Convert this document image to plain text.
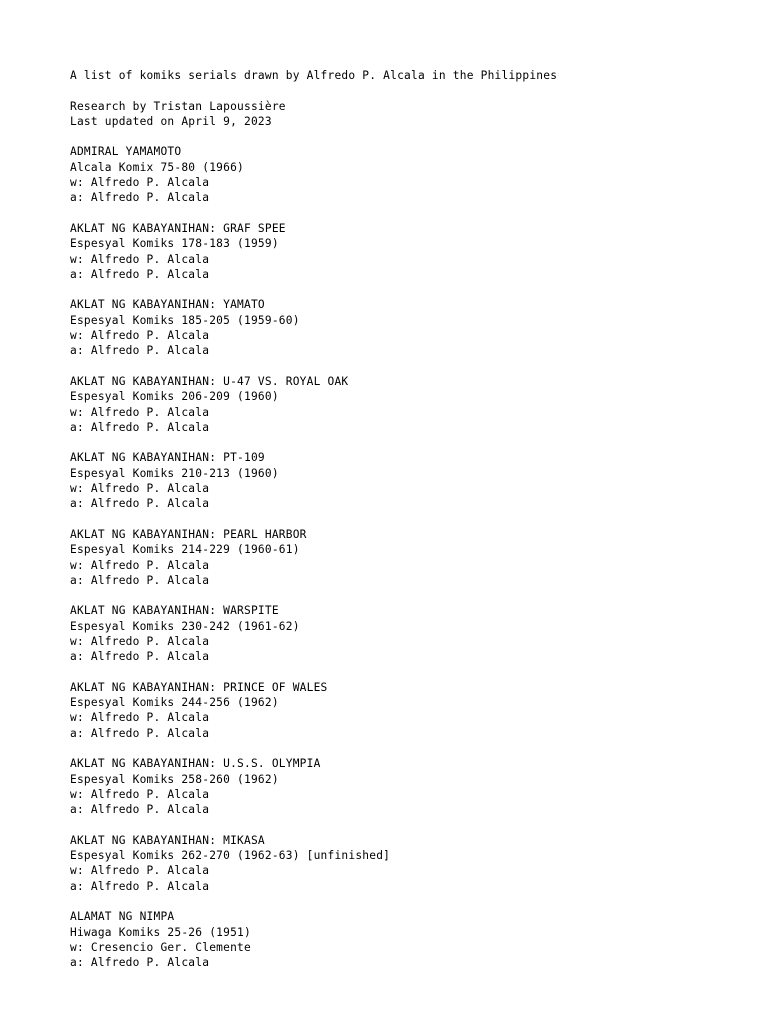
A list of komiks serials drawn by Alfredo P. Alcala in the Philippines
Research by Tristan Lapoussière
Last updated on April 9, 2023
ADMIRAL YAMAMOTO
Alcala Komix 75-80 (1966)
w: Alfredo P. Alcala
a: Alfredo P. Alcala
AKLAT NG KABAYANIHAN: GRAF SPEE
Espesyal Komiks 178-183 (1959)
w: Alfredo P. Alcala
a: Alfredo P. Alcala
AKLAT NG KABAYANIHAN: YAMATO
Espesyal Komiks 185-205 (1959-60)
w: Alfredo P. Alcala
a: Alfredo P. Alcala
AKLAT NG KABAYANIHAN: U-47 VS. ROYAL OAK
Espesyal Komiks 206-209 (1960)
w: Alfredo P. Alcala
a: Alfredo P. Alcala
AKLAT NG KABAYANIHAN: PT-109
Espesyal Komiks 210-213 (1960)
w: Alfredo P. Alcala
a: Alfredo P. Alcala
AKLAT NG KABAYANIHAN: PEARL HARBOR
Espesyal Komiks 214-229 (1960-61)
w: Alfredo P. Alcala
a: Alfredo P. Alcala
AKLAT NG KABAYANIHAN: WARSPITE
Espesyal Komiks 230-242 (1961-62)
w: Alfredo P. Alcala
a: Alfredo P. Alcala
AKLAT NG KABAYANIHAN: PRINCE OF WALES
Espesyal Komiks 244-256 (1962)
w: Alfredo P. Alcala
a: Alfredo P. Alcala
AKLAT NG KABAYANIHAN: U.S.S. OLYMPIA
Espesyal Komiks 258-260 (1962)
w: Alfredo P. Alcala
a: Alfredo P. Alcala
AKLAT NG KABAYANIHAN: MIKASA
Espesyal Komiks 262-270 (1962-63) [unfinished]
w: Alfredo P. Alcala
a: Alfredo P. Alcala
ALAMAT NG NIMPA
Hiwaga Komiks 25-26 (1951)
w: Cresencio Ger. Clemente
a: Alfredo P. Alcala
